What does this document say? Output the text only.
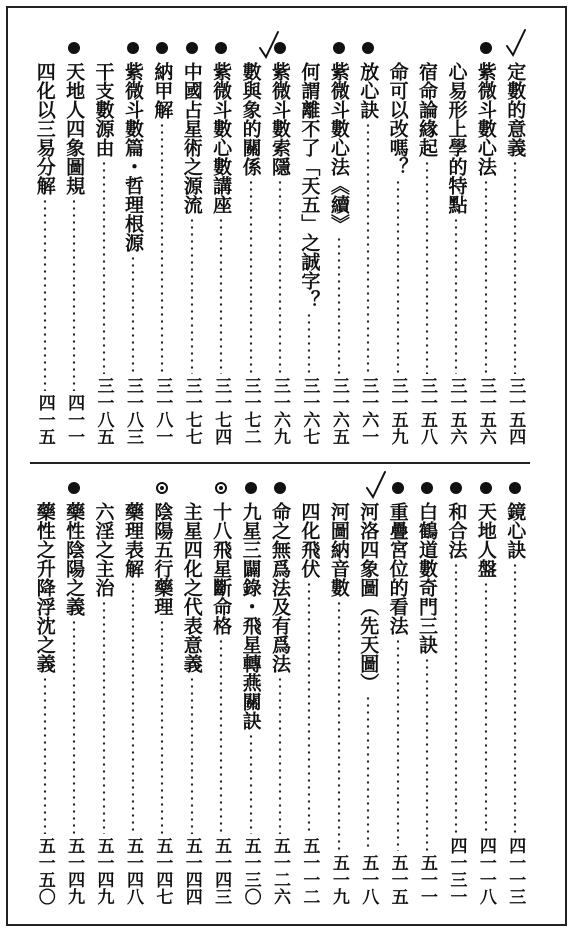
定數的意義
三一五四
紫微斗數心法
三一五六
心易形上學的特點
三一五六
宿命論緣起
三一五八
命可以改嗎？
三一五九
放心訣
三一六一
紫微斗數心法《續》
三一六五
何謂離不了「天五」之誠字？
三一六七
紫微斗數索隱
三一六九
數與象的關係
三一七二
紫微斗數心數講座
三一七四
中國占星術之源流
三一七七
納甲解
三一八一
紫微斗數篇・哲理根源
三一八三
干支數源由
三一八五
天地人四象圖規
四一一
四化以三易分解
四一五
鏡心訣
四一一三
天地人盤
四一一八
和合法
四一三一
白鶴道數奇門三訣
五一一
重疊宮位的看法
五一五
河洛四象圖（先天圖）
五一八
河圖納音數
五一九
四化飛伏
五一一二
命之無爲法及有爲法
五一二六
九星三闢錄・飛星轉燕關訣
五一三〇
十八飛星斷命格
五一四三
主星四化之代表意義
五一四四
陰陽五行藥理
五一四七
藥理表解
五一四八
六淫之主治
五一四九
藥性陰陽之義
五一四九
藥性之升降浮沈之義
五一五〇
